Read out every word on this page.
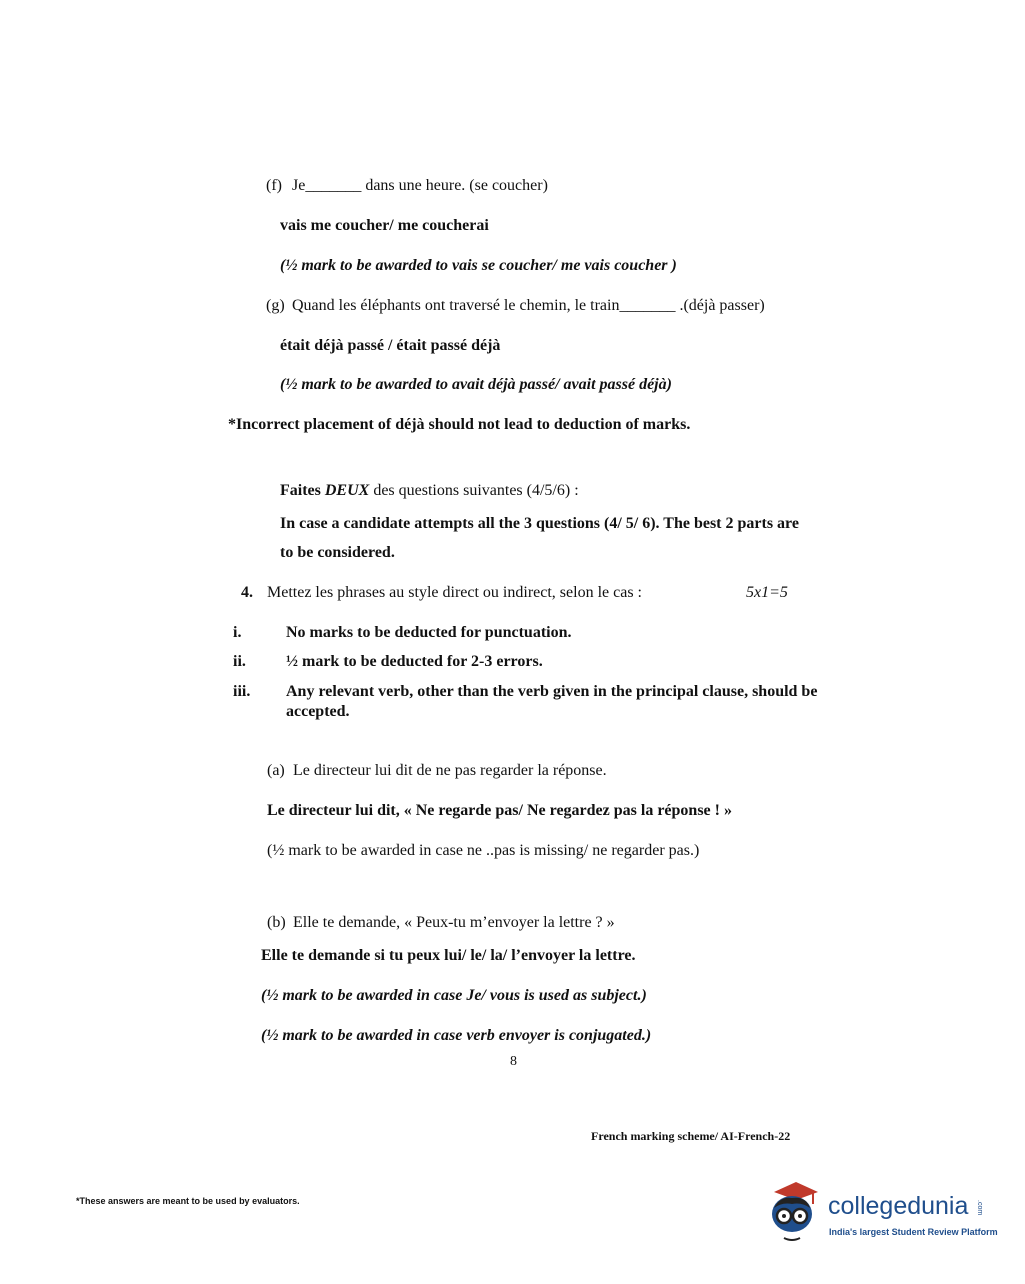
(f) Je_______ dans une heure. (se coucher)
vais me coucher/ me coucherai
(½ mark to be awarded to vais se coucher/ me vais coucher )
(g) Quand les éléphants ont traversé le chemin, le train_______ .(déjà passer)
était déjà passé / était passé déjà
(½ mark to be awarded to avait déjà passé/ avait passé déjà)
*Incorrect placement of déjà should not lead to deduction of marks.
Faites DEUX des questions suivantes (4/5/6) :
In case a candidate attempts all the 3 questions (4/ 5/ 6). The best 2 parts are
to be considered.
4. Mettez les phrases au style direct ou indirect, selon le cas :	5x1=5
i.	No marks to be deducted for punctuation.
ii.	½ mark to be deducted for 2-3 errors.
iii. Any relevant verb, other than the verb given in the principal clause, should be accepted.
(a) Le directeur lui dit de ne pas regarder la réponse.
Le directeur lui dit, « Ne regarde pas/ Ne regardez pas la réponse ! »
(½ mark to be awarded in case ne ..pas is missing/ ne regarder pas.)
(b) Elle te demande, « Peux-tu m’envoyer la lettre ? »
Elle te demande si tu peux lui/ le/ la/ l’envoyer la lettre.
(½ mark to be awarded in case Je/ vous is used as subject.)
(½ mark to be awarded in case verb envoyer is conjugated.)
8
French marking scheme/ AI-French-22
*These answers are meant to be used by evaluators.	collegedunia .com
India's largest Student Review Platform
